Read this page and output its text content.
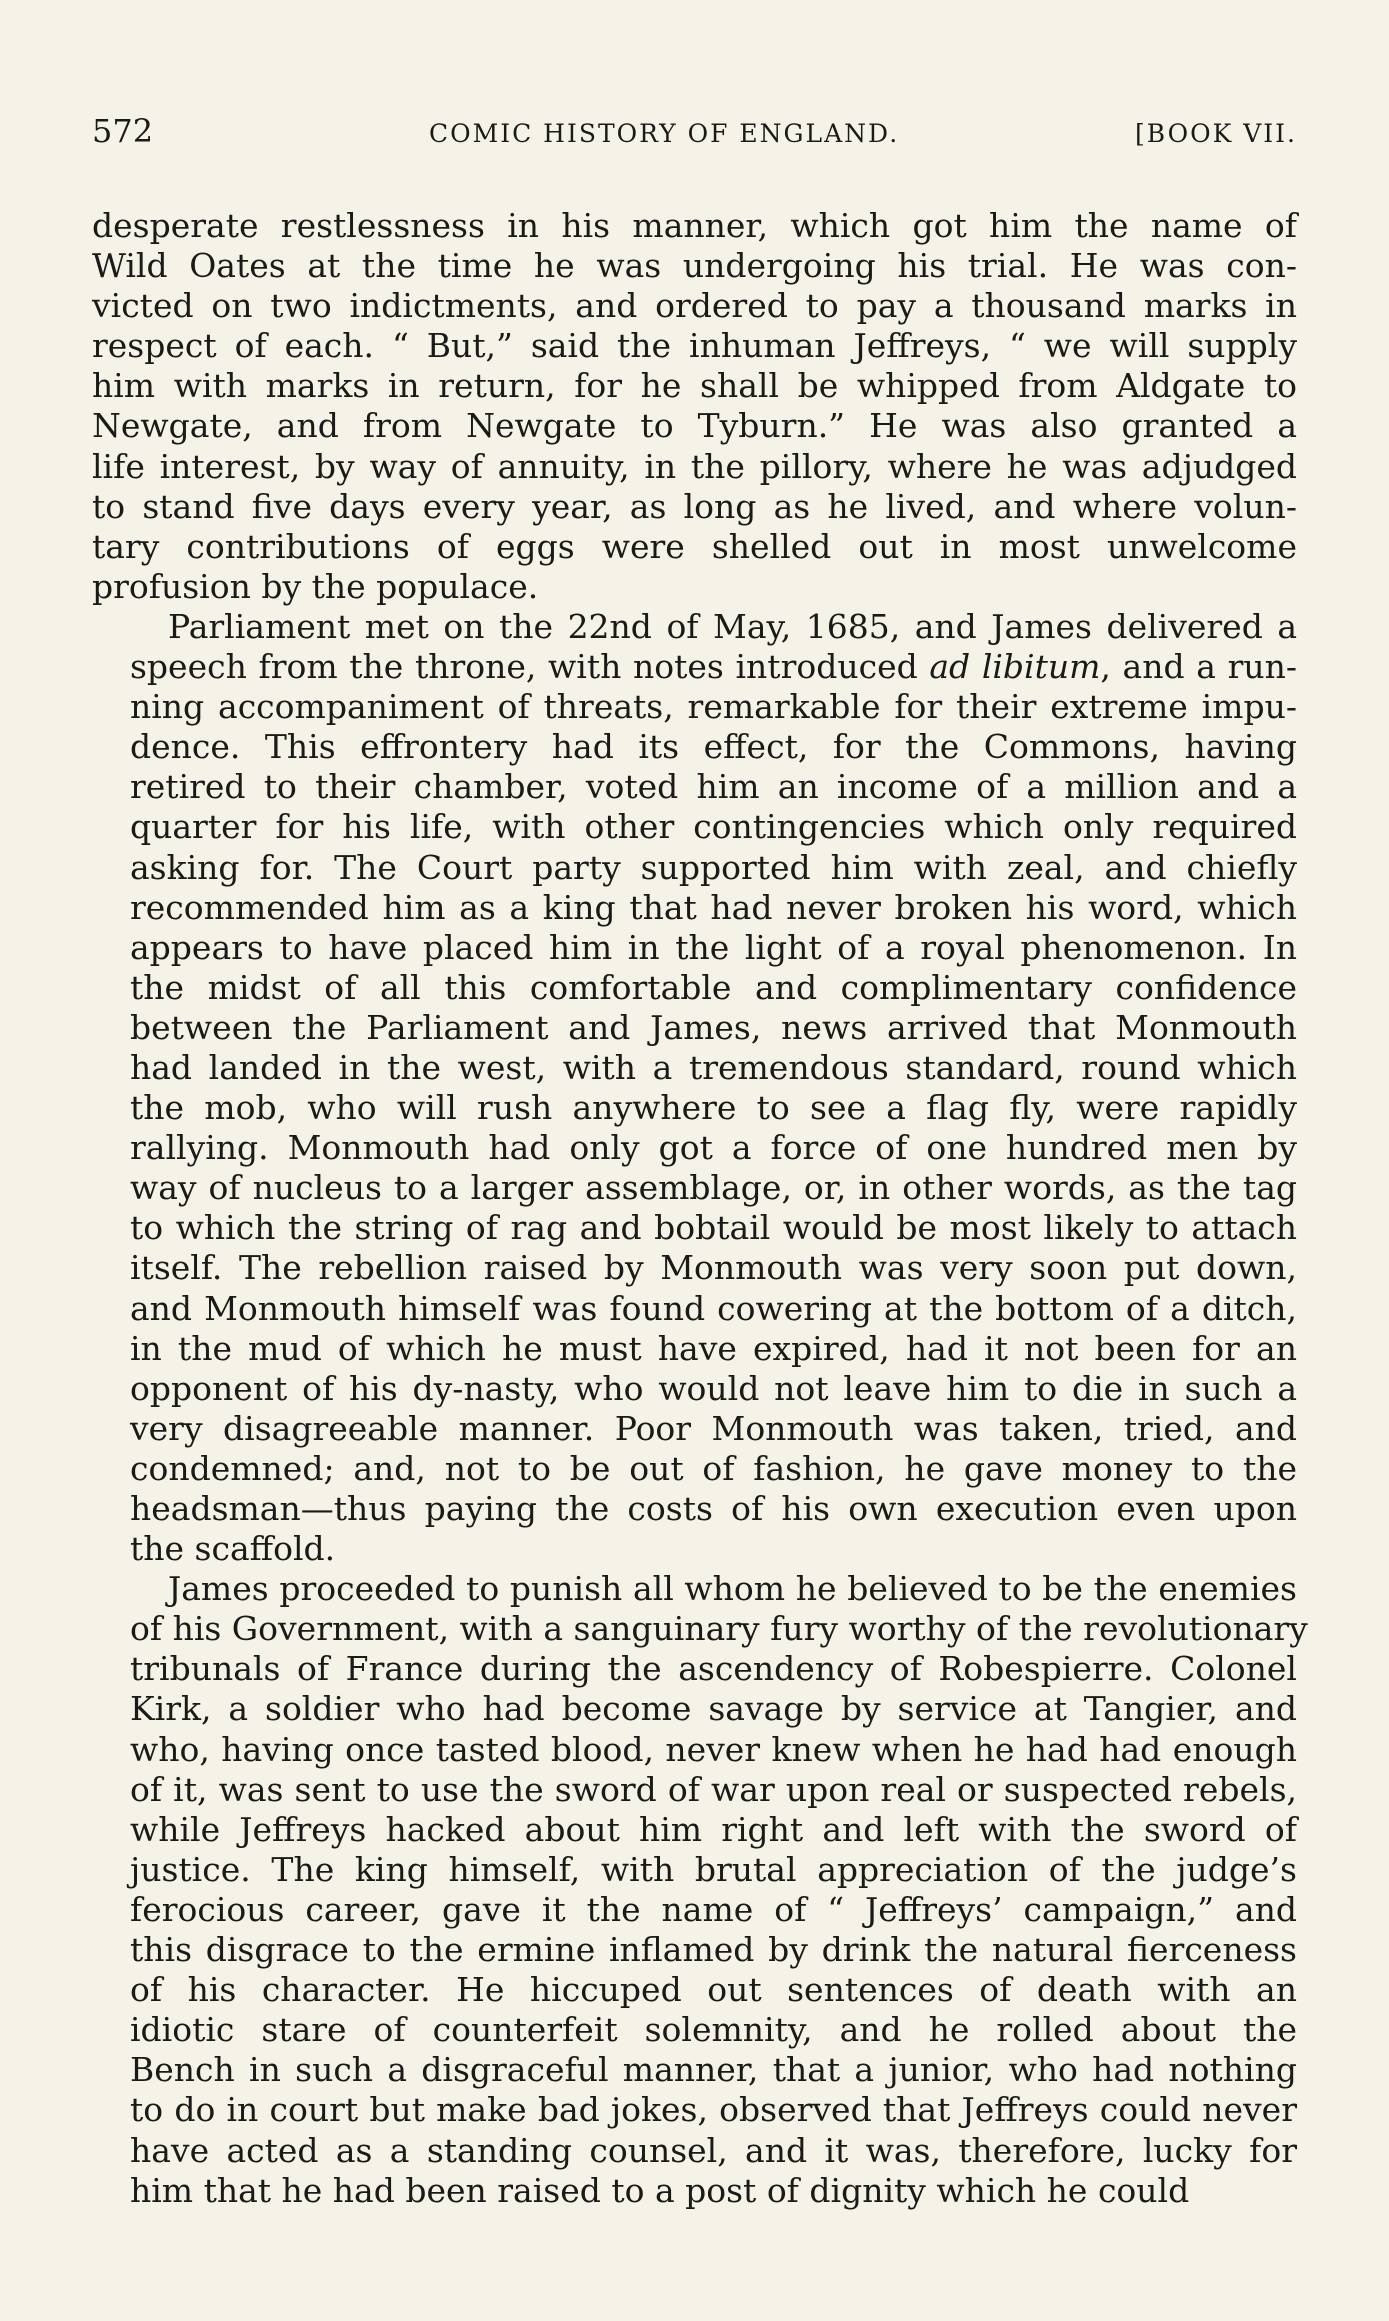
572	COMIC HISTORY OF ENGLAND.	[BOOK VII.
desperate restlessness in his manner, which got him the name of
Wild Oates at the time he was undergoing his trial. He was con-
victed on two indictments, and ordered to pay a thousand marks in
respect of each. “ But,” said the inhuman Jeffreys, “ we will supply
him with marks in return, for he shall be whipped from Aldgate to
Newgate, and from Newgate to Tyburn.” He was also granted a
life interest, by way of annuity, in the pillory, where he was adjudged
to stand five days every year, as long as he lived, and where volun-
tary contributions of eggs were shelled out in most unwelcome
profusion by the populace.
Parliament met on the 22nd of May, 1685, and James delivered a
speech from the throne, with notes introduced ad libitum, and a run-
ning accompaniment of threats, remarkable for their extreme impu-
dence. This effrontery had its effect, for the Commons, having
retired to their chamber, voted him an income of a million and a
quarter for his life, with other contingencies which only required
asking for. The Court party supported him with zeal, and chiefly
recommended him as a king that had never broken his word, which
appears to have placed him in the light of a royal phenomenon. In
the midst of all this comfortable and complimentary confidence
between the Parliament and James, news arrived that Monmouth
had landed in the west, with a tremendous standard, round which
the mob, who will rush anywhere to see a flag fly, were rapidly
rallying. Monmouth had only got a force of one hundred men by
way of nucleus to a larger assemblage, or, in other words, as the tag
to which the string of rag and bobtail would be most likely to attach
itself. The rebellion raised by Monmouth was very soon put down,
and Monmouth himself was found cowering at the bottom of a ditch,
in the mud of which he must have expired, had it not been for an
opponent of his dy-nasty, who would not leave him to die in such a
very disagreeable manner. Poor Monmouth was taken, tried, and
condemned; and, not to be out of fashion, he gave money to the
headsman—thus paying the costs of his own execution even upon
the scaffold.
James proceeded to punish all whom he believed to be the enemies
of his Government, with a sanguinary fury worthy of the revolutionary
tribunals of France during the ascendency of Robespierre. Colonel
Kirk, a soldier who had become savage by service at Tangier, and
who, having once tasted blood, never knew when he had had enough
of it, was sent to use the sword of war upon real or suspected rebels,
while Jeffreys hacked about him right and left with the sword of
justice. The king himself, with brutal appreciation of the judge’s
ferocious career, gave it the name of “ Jeffreys’ campaign,” and
this disgrace to the ermine inflamed by drink the natural fierceness
of his character. He hiccuped out sentences of death with an
idiotic stare of counterfeit solemnity, and he rolled about the
Bench in such a disgraceful manner, that a junior, who had nothing
to do in court but make bad jokes, observed that Jeffreys could never
have acted as a standing counsel, and it was, therefore, lucky for
him that he had been raised to a post of dignity which he could
